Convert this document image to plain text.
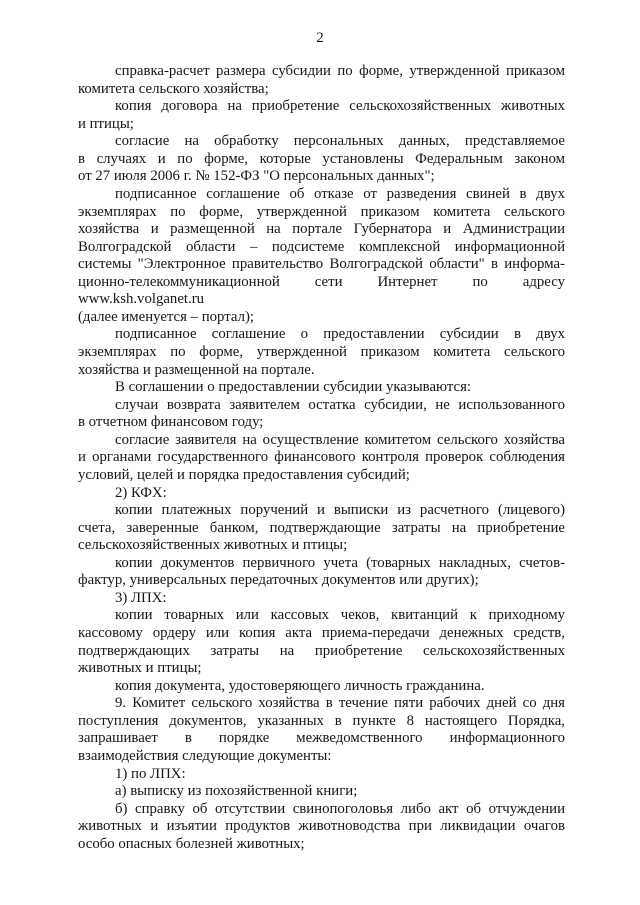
2
справка-расчет размера субсидии по форме, утвержденной приказом
комитета сельского хозяйства;
копия договора на приобретение сельскохозяйственных животных
и птицы;
согласие на обработку персональных данных, представляемое
в случаях и по форме, которые установлены Федеральным законом
от 27 июля 2006 г. № 152-ФЗ "О персональных данных";
подписанное соглашение об отказе от разведения свиней в двух
экземплярах по форме, утвержденной приказом комитета сельского
хозяйства и размещенной на портале Губернатора и Администрации
Волгоградской области – подсистеме комплексной информационной
системы "Электронное правительство Волгоградской области" в информа-
ционно-телекоммуникационной сети Интернет по адресу www.ksh.volganet.ru
(далее именуется – портал);
подписанное соглашение о предоставлении субсидии в двух
экземплярах по форме, утвержденной приказом комитета сельского
хозяйства и размещенной на портале.
В соглашении о предоставлении субсидии указываются:
случаи возврата заявителем остатка субсидии, не использованного
в отчетном финансовом году;
согласие заявителя на осуществление комитетом сельского хозяйства
и органами государственного финансового контроля проверок соблюдения
условий, целей и порядка предоставления субсидий;
2) КФХ:
копии платежных поручений и выписки из расчетного (лицевого)
счета, заверенные банком, подтверждающие затраты на приобретение
сельскохозяйственных животных и птицы;
копии документов первичного учета (товарных накладных, счетов-
фактур, универсальных передаточных документов или других);
3) ЛПХ:
копии товарных или кассовых чеков, квитанций к приходному
кассовому ордеру или копия акта приема-передачи денежных средств,
подтверждающих затраты на приобретение сельскохозяйственных
животных и птицы;
копия документа, удостоверяющего личность гражданина.
9. Комитет сельского хозяйства в течение пяти рабочих дней со дня
поступления документов, указанных в пункте 8 настоящего Порядка,
запрашивает в порядке межведомственного информационного
взаимодействия следующие документы:
1) по ЛПХ:
а) выписку из похозяйственной книги;
б) справку об отсутствии свинопоголовья либо акт об отчуждении
животных и изъятии продуктов животноводства при ликвидации очагов
особо опасных болезней животных;
